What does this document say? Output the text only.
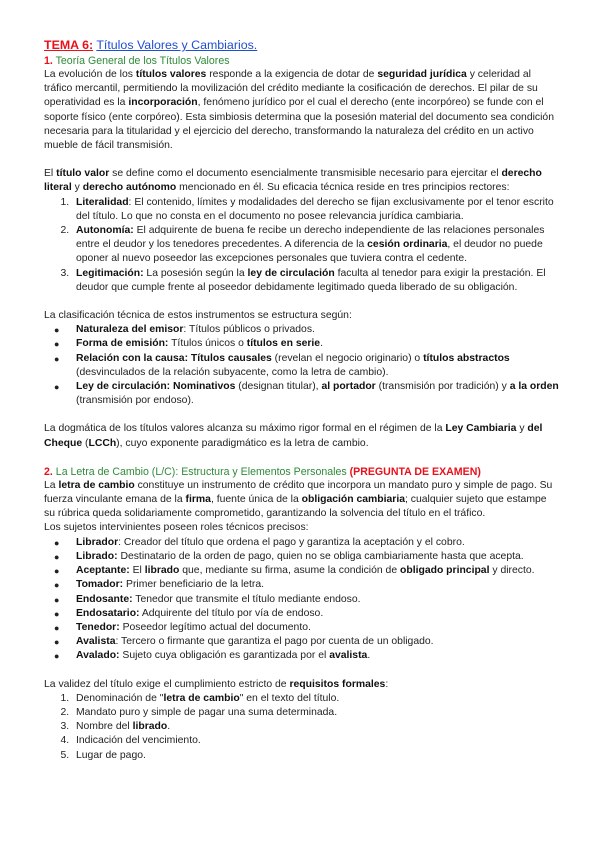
TEMA 6: Títulos Valores y Cambiarios.
1. Teoría General de los Títulos Valores

La evolución de los títulos valores responde a la exigencia de dotar de seguridad jurídica y celeridad al tráfico mercantil, permitiendo la movilización del crédito mediante la cosificación de derechos. El pilar de su operatividad es la incorporación, fenómeno jurídico por el cual el derecho (ente incorpóreo) se funde con el soporte físico (ente corpóreo). Esta simbiosis determina que la posesión material del documento sea condición necesaria para la titularidad y el ejercicio del derecho, transformando la naturaleza del crédito en un activo mueble de fácil transmisión.

El título valor se define como el documento esencialmente transmisible necesario para ejercitar el derecho literal y derecho autónomo mencionado en él. Su eficacia técnica reside en tres principios rectores:

1. Literalidad: El contenido, límites y modalidades del derecho se fijan exclusivamente por el tenor escrito del título. Lo que no consta en el documento no posee relevancia jurídica cambiaria.
2. Autonomía: El adquirente de buena fe recibe un derecho independiente de las relaciones personales entre el deudor y los tenedores precedentes. A diferencia de la cesión ordinaria, el deudor no puede oponer al nuevo poseedor las excepciones personales que tuviera contra el cedente.
3. Legitimación: La posesión según la ley de circulación faculta al tenedor para exigir la prestación. El deudor que cumple frente al poseedor debidamente legitimado queda liberado de su obligación.

La clasificación técnica de estos instrumentos se estructura según:

● Naturaleza del emisor: Títulos públicos o privados.
● Forma de emisión: Títulos únicos o títulos en serie.
● Relación con la causa: Títulos causales (revelan el negocio originario) o títulos abstractos (desvinculados de la relación subyacente, como la letra de cambio).
● Ley de circulación: Nominativos (designan titular), al portador (transmisión por tradición) y a la orden (transmisión por endoso).

La dogmática de los títulos valores alcanza su máximo rigor formal en el régimen de la Ley Cambiaria y del Cheque (LCCh), cuyo exponente paradigmático es la letra de cambio.

2. La Letra de Cambio (L/C): Estructura y Elementos Personales (PREGUNTA DE EXAMEN)

La letra de cambio constituye un instrumento de crédito que incorpora un mandato puro y simple de pago. Su fuerza vinculante emana de la firma, fuente única de la obligación cambiaria; cualquier sujeto que estampe su rúbrica queda solidariamente comprometido, garantizando la solvencia del título en el tráfico.

Los sujetos intervinientes poseen roles técnicos precisos:

● Librador: Creador del título que ordena el pago y garantiza la aceptación y el cobro.
● Librado: Destinatario de la orden de pago, quien no se obliga cambiariamente hasta que acepta.
● Aceptante: El librado que, mediante su firma, asume la condición de obligado principal y directo.
● Tomador: Primer beneficiario de la letra.
● Endosante: Tenedor que transmite el título mediante endoso.
● Endosatario: Adquirente del título por vía de endoso.
● Tenedor: Poseedor legítimo actual del documento.
● Avalista: Tercero o firmante que garantiza el pago por cuenta de un obligado.
● Avalado: Sujeto cuya obligación es garantizada por el avalista.

La validez del título exige el cumplimiento estricto de requisitos formales:

1. Denominación de "letra de cambio" en el texto del título.
2. Mandato puro y simple de pagar una suma determinada.
3. Nombre del librado.
4. Indicación del vencimiento.
5. Lugar de pago.
